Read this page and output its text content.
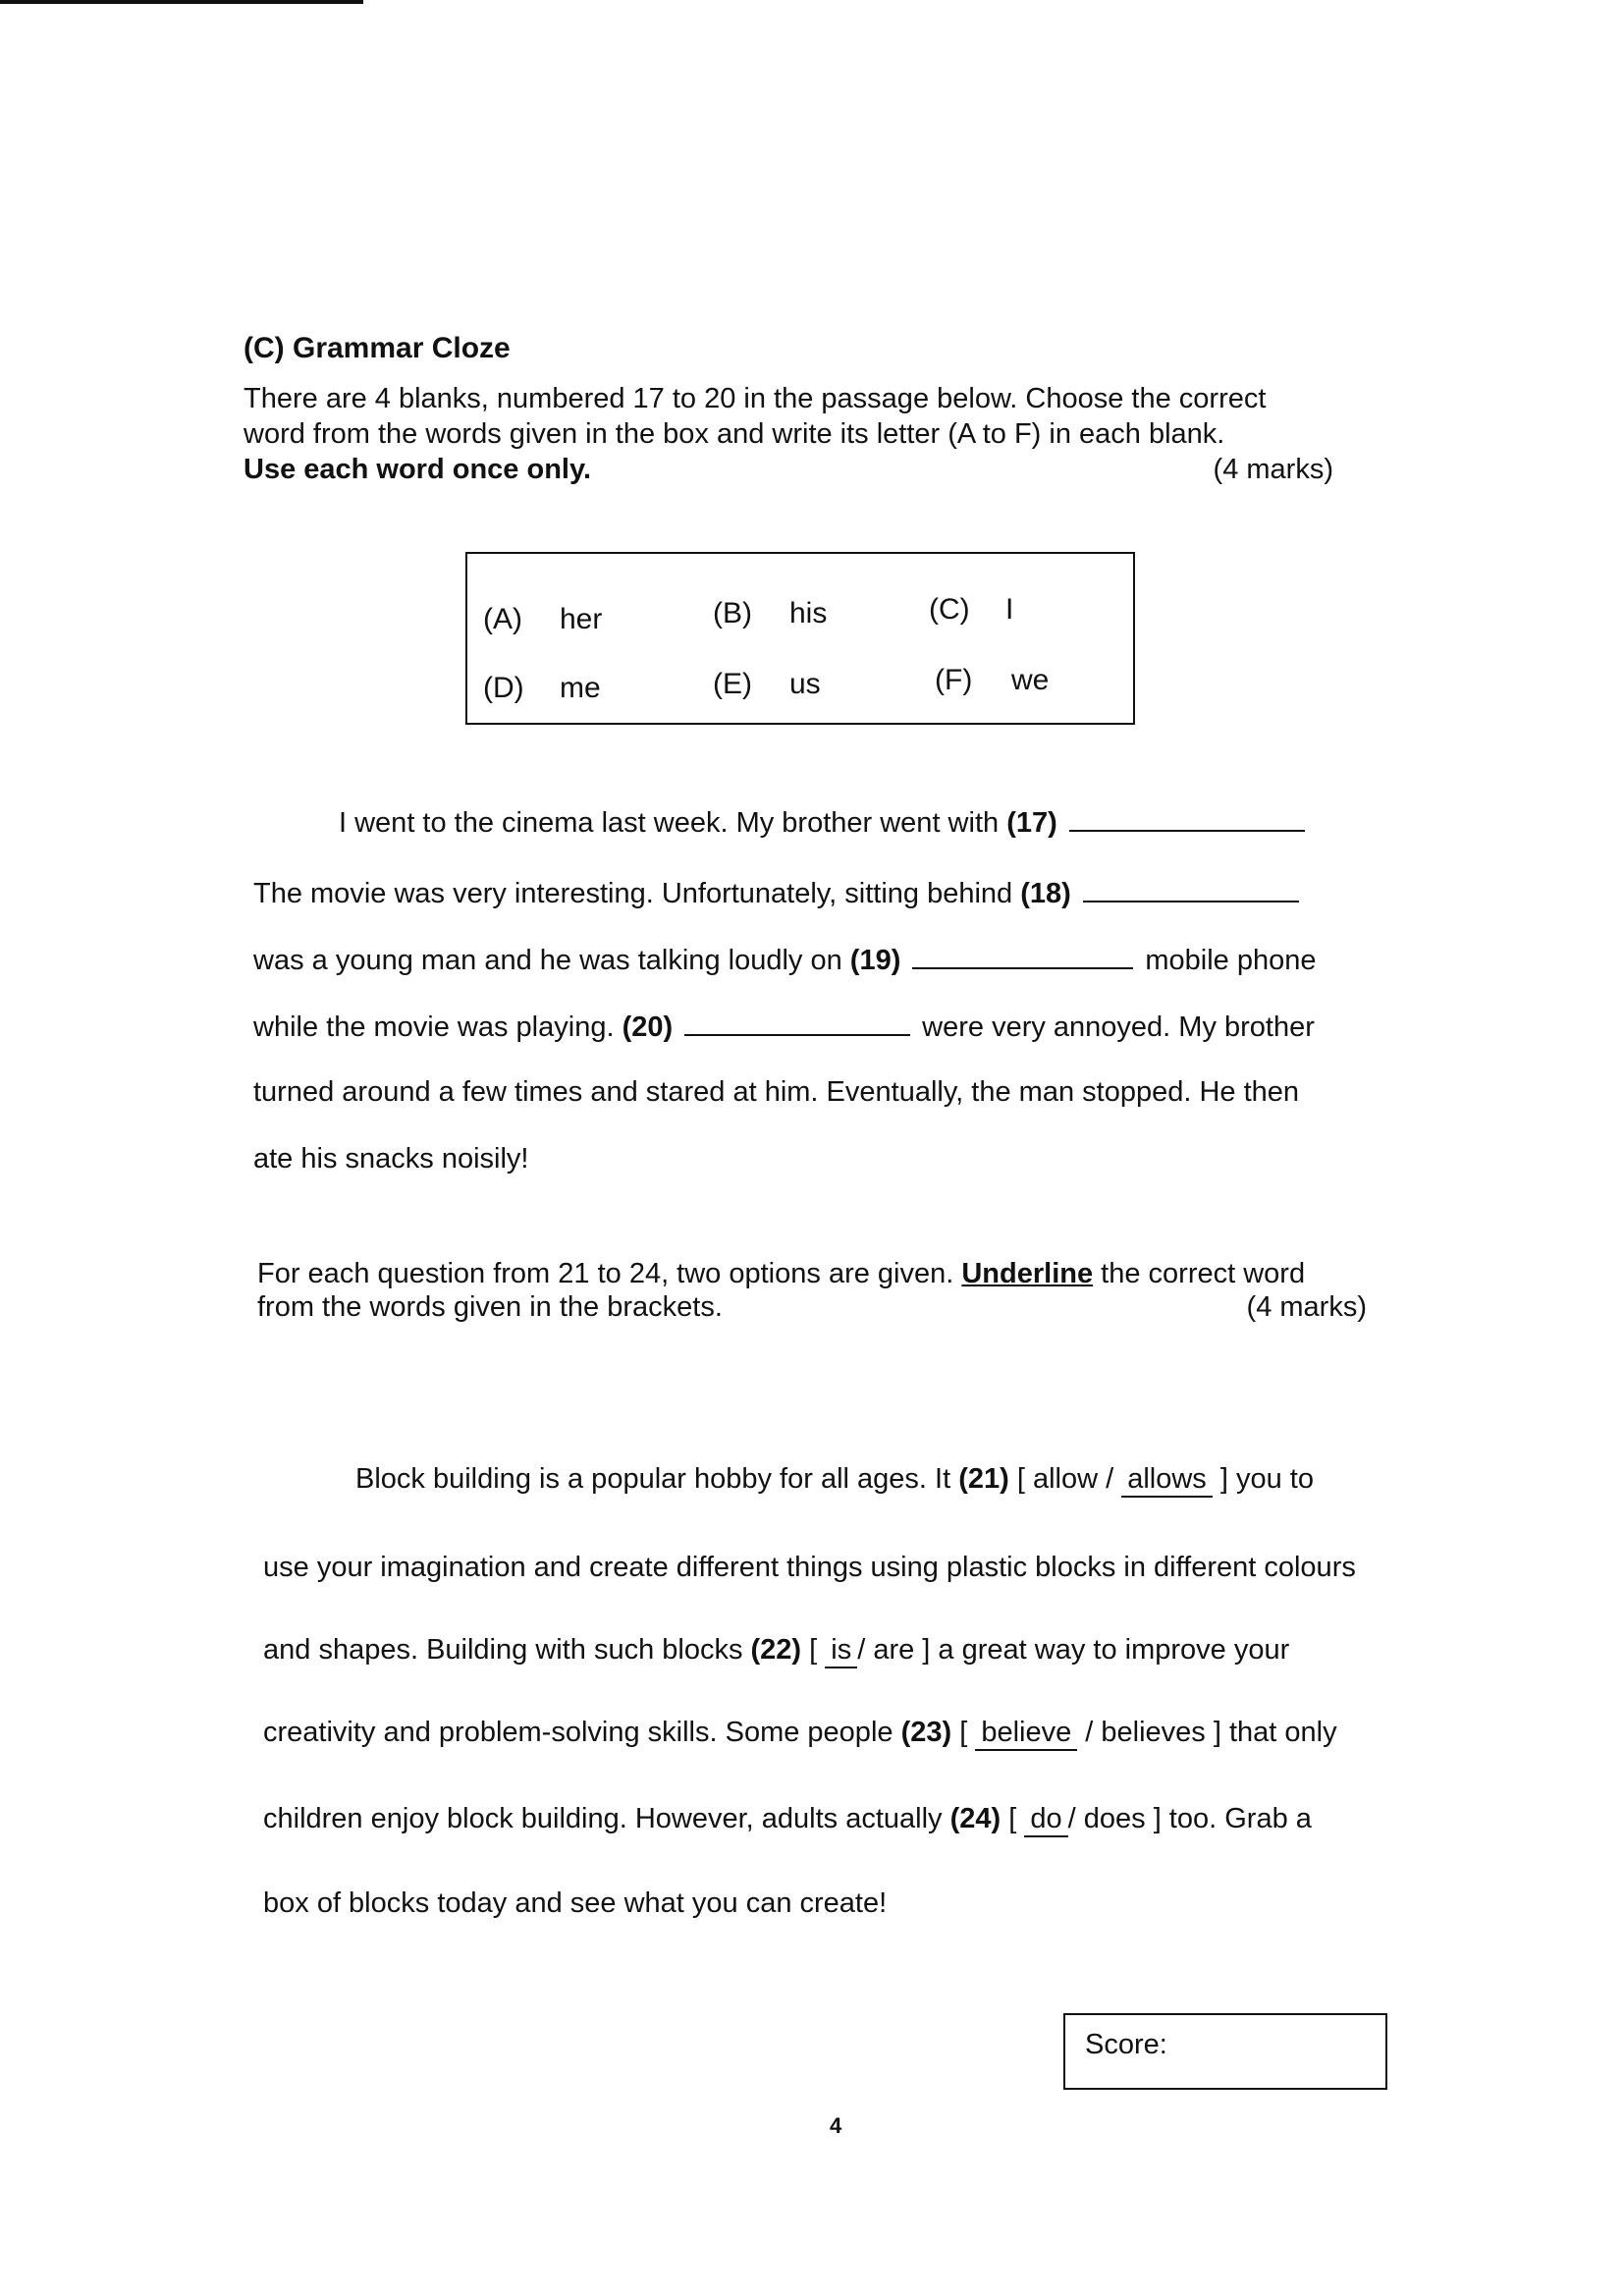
(C) Grammar Cloze
There are 4 blanks, numbered 17 to 20 in the passage below. Choose the correct
word from the words given in the box and write its letter (A to F) in each blank.
Use each word once only.	(4 marks)
(A) her	(B) his	(C) I
(D) me	(E) us	(F) we
I went to the cinema last week. My brother went with (17)
The movie was very interesting. Unfortunately, sitting behind (18)
was a young man and he was talking loudly on (19)	mobile phone
while the movie was playing. (20)	were very annoyed. My brother
turned around a few times and stared at him. Eventually, the man stopped. He then
ate his snacks noisily!
For each question from 21 to 24, two options are given. Underline the correct word
from the words given in the brackets.	(4 marks)
Block building is a popular hobby for all ages. It (21) [ allow / allows ] you to
use your imagination and create different things using plastic blocks in different colours
and shapes. Building with such blocks (22) [ is / are ] a great way to improve your
creativity and problem-solving skills. Some people (23) [ believe / believes ] that only
children enjoy block building. However, adults actually (24) [ do / does ] too. Grab a
box of blocks today and see what you can create!
Score:
4
